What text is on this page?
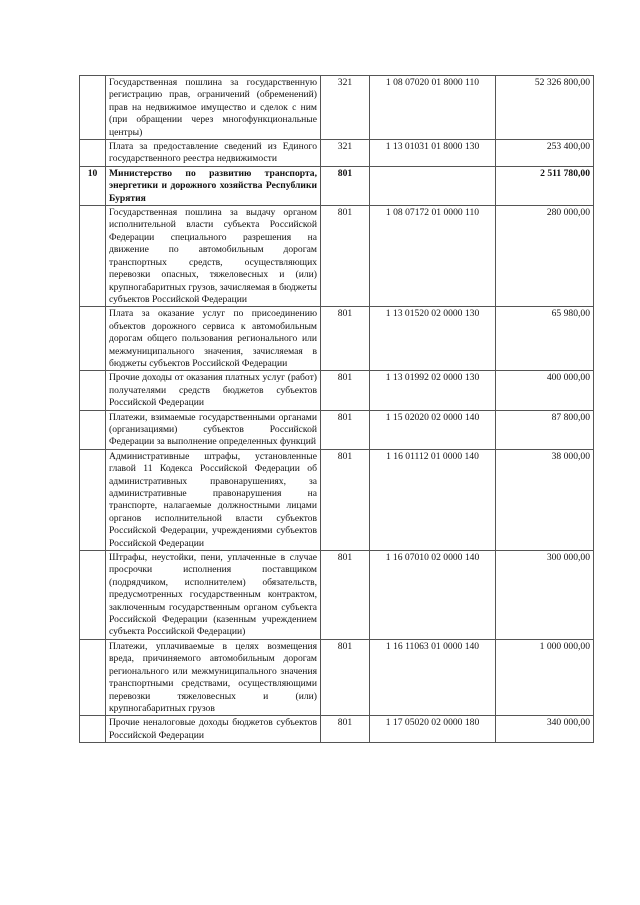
	Государственная пошлина за государственную регистрацию прав, ограничений (обременений) прав на недвижимое имущество и сделок с ним (при обращении через многофункциональные центры)	321	1 08 07020 01 8000 110	52 326 800,00
	Плата за предоставление сведений из Единого государственного реестра недвижимости	321	1 13 01031 01 8000 130	253 400,00
10	Министерство по развитию транспорта, энергетики и дорожного хозяйства Республики Бурятия	801		2 511 780,00
	Государственная пошлина за выдачу органом исполнительной власти субъекта Российской Федерации специального разрешения на движение по автомобильным дорогам транспортных средств, осуществляющих перевозки опасных, тяжеловесных и (или) крупногабаритных грузов, зачисляемая в бюджеты субъектов Российской Федерации	801	1 08 07172 01 0000 110	280 000,00
	Плата за оказание услуг по присоединению объектов дорожного сервиса к автомобильным дорогам общего пользования регионального или межмуниципального значения, зачисляемая в бюджеты субъектов Российской Федерации	801	1 13 01520 02 0000 130	65 980,00
	Прочие доходы от оказания платных услуг (работ) получателями средств бюджетов субъектов Российской Федерации	801	1 13 01992 02 0000 130	400 000,00
	Платежи, взимаемые государственными органами (организациями) субъектов Российской Федерации за выполнение определенных функций	801	1 15 02020 02 0000 140	87 800,00
	Административные штрафы, установленные главой 11 Кодекса Российской Федерации об административных правонарушениях, за административные правонарушения на транспорте, налагаемые должностными лицами органов исполнительной власти субъектов Российской Федерации, учреждениями субъектов Российской Федерации	801	1 16 01112 01 0000 140	38 000,00
	Штрафы, неустойки, пени, уплаченные в случае просрочки исполнения поставщиком (подрядчиком, исполнителем) обязательств, предусмотренных государственным контрактом, заключенным государственным органом субъекта Российской Федерации (казенным учреждением субъекта Российской Федерации)	801	1 16 07010 02 0000 140	300 000,00
	Платежи, уплачиваемые в целях возмещения вреда, причиняемого автомобильным дорогам регионального или межмуниципального значения транспортными средствами, осуществляющими перевозки тяжеловесных и (или) крупногабаритных грузов	801	1 16 11063 01 0000 140	1 000 000,00
	Прочие неналоговые доходы бюджетов субъектов Российской Федерации	801	1 17 05020 02 0000 180	340 000,00
